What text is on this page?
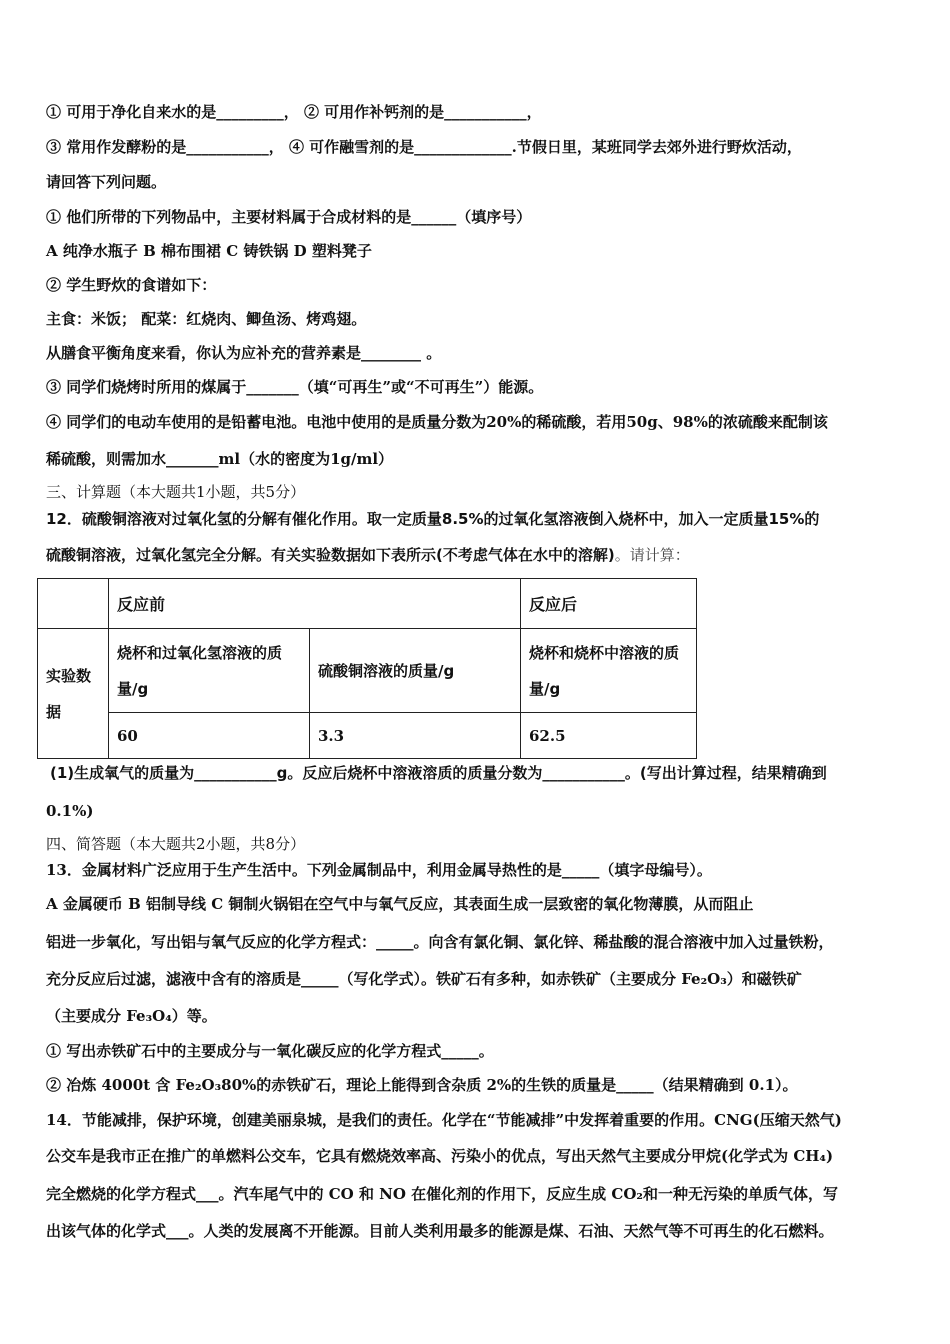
① 可用于净化自来水的是_________， ② 可用作补钙剂的是___________，
③ 常用作发酵粉的是___________， ④ 可作融雪剂的是_____________.节假日里，某班同学去郊外进行野炊活动，
请回答下列问题。
① 他们所带的下列物品中，主要材料属于合成材料的是______（填序号）
A 纯净水瓶子 B 棉布围裙 C 铸铁锅 D 塑料凳子
② 学生野炊的食谱如下：
主食：米饭； 配菜：红烧肉、鲫鱼汤、烤鸡翅。
从膳食平衡角度来看，你认为应补充的营养素是________ 。
③ 同学们烧烤时所用的煤属于_______（填“可再生”或“不可再生”）能源。
④ 同学们的电动车使用的是铅蓄电池。电池中使用的是质量分数为20%的稀硫酸，若用50g、98%的浓硫酸来配制该
稀硫酸，则需加水_______ml（水的密度为1g/ml）
三、计算题（本大题共1小题，共5分）
12．硫酸铜溶液对过氧化氢的分解有催化作用。取一定质量8.5%的过氧化氢溶液倒入烧杯中，加入一定质量15%的
硫酸铜溶液，过氧化氢完全分解。有关实验数据如下表所示(不考虑气体在水中的溶解)。请计算：
	反应前		反应后
实验数据	烧杯和过氧化氢溶液的质量/g	硫酸铜溶液的质量/g	烧杯和烧杯中溶液的质量/g
	60	3.3	62.5
(1)生成氧气的质量为___________g。反应后烧杯中溶液溶质的质量分数为___________。(写出计算过程，结果精确到
0.1%)
四、简答题（本大题共2小题，共8分）
13．金属材料广泛应用于生产生活中。下列金属制品中，利用金属导热性的是_____（填字母编号）。
A 金属硬币 B 铝制导线 C 铜制火锅铝在空气中与氧气反应，其表面生成一层致密的氧化物薄膜，从而阻止
铝进一步氧化，写出铝与氧气反应的化学方程式：_____。向含有氯化铜、氯化锌、稀盐酸的混合溶液中加入过量铁粉，
充分反应后过滤，滤液中含有的溶质是_____（写化学式）。铁矿石有多种，如赤铁矿（主要成分 Fe₂O₃）和磁铁矿
（主要成分 Fe₃O₄）等。
① 写出赤铁矿石中的主要成分与一氧化碳反应的化学方程式_____。
② 冶炼 4000t 含 Fe₂O₃80%的赤铁矿石，理论上能得到含杂质 2%的生铁的质量是_____（结果精确到 0.1）。
14．节能减排，保护环境，创建美丽泉城，是我们的责任。化学在“节能减排”中发挥着重要的作用。CNG(压缩天然气)
公交车是我市正在推广的单燃料公交车，它具有燃烧效率高、污染小的优点，写出天然气主要成分甲烷(化学式为 CH₄)
完全燃烧的化学方程式___。汽车尾气中的 CO 和 NO 在催化剂的作用下，反应生成 CO₂和一种无污染的单质气体，写
出该气体的化学式___。人类的发展离不开能源。目前人类利用最多的能源是煤、石油、天然气等不可再生的化石燃料。
